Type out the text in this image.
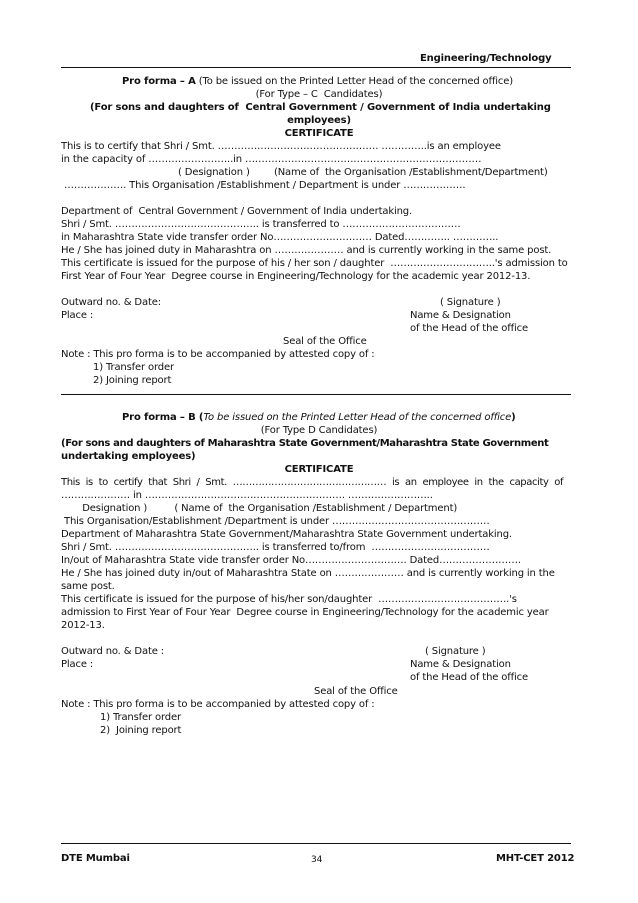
Engineering/Technology
Pro forma – A (To be issued on the Printed Letter Head of the concerned office)
(For Type – C  Candidates)
(For sons and daughters of  Central Government / Government of India undertaking
employees)
CERTIFICATE
This is to certify that Shri / Smt. …………………………………………. …………..is an employee
in the capacity of ……………………..in ………………………………………………………………
( Designation )        (Name of  the Organisation /Establishment/Department)
………………. This Organisation /Establishment / Department is under ……………….
Department of  Central Government / Government of India undertaking.
Shri / Smt. …………………………………….. is transferred to ………………………………
in Maharashtra State vide transfer order No………………………… Dated………….. …………..
He / She has joined duty in Maharashtra on ………………… and is currently working in the same post.
This certificate is issued for the purpose of his / her son / daughter  …………………………..'s admission to
First Year of Four Year  Degree course in Engineering/Technology for the academic year 2012-13.
Outward no. & Date:	( Signature )
Place :	Name & Designation
of the Head of the office
Seal of the Office
Note : This pro forma is to be accompanied by attested copy of :
1) Transfer order
2) Joining report
Pro forma – B (To be issued on the Printed Letter Head of the concerned office)
(For Type D Candidates)
(For sons and daughters of Maharashtra State Government/Maharashtra State Government
undertaking employees)
CERTIFICATE
This is to certify that Shri / Smt. ………………………………………… is an employee in the capacity of
………………… in ……………………………………………………. ……………………..
Designation )         ( Name of  the Organisation /Establishment / Department)
This Organisation/Establishment /Department is under …………………………………………
Department of Maharashtra State Government/Maharashtra State Government undertaking.
Shri / Smt. …………………………………….. is transferred to/from  ………………………………
In/out of Maharashtra State vide transfer order No…………………………. Dated…………………….
He / She has joined duty in/out of Maharashtra State on ………………… and is currently working in the
same post.
This certificate is issued for the purpose of his/her son/daughter  ………………………………….'s
admission to First Year of Four Year  Degree course in Engineering/Technology for the academic year
2012-13.
Outward no. & Date :	( Signature )
Place :	Name & Designation
of the Head of the office
Seal of the Office
Note : This pro forma is to be accompanied by attested copy of :
1) Transfer order
2)  Joining report
DTE Mumbai	34	MHT-CET 2012
